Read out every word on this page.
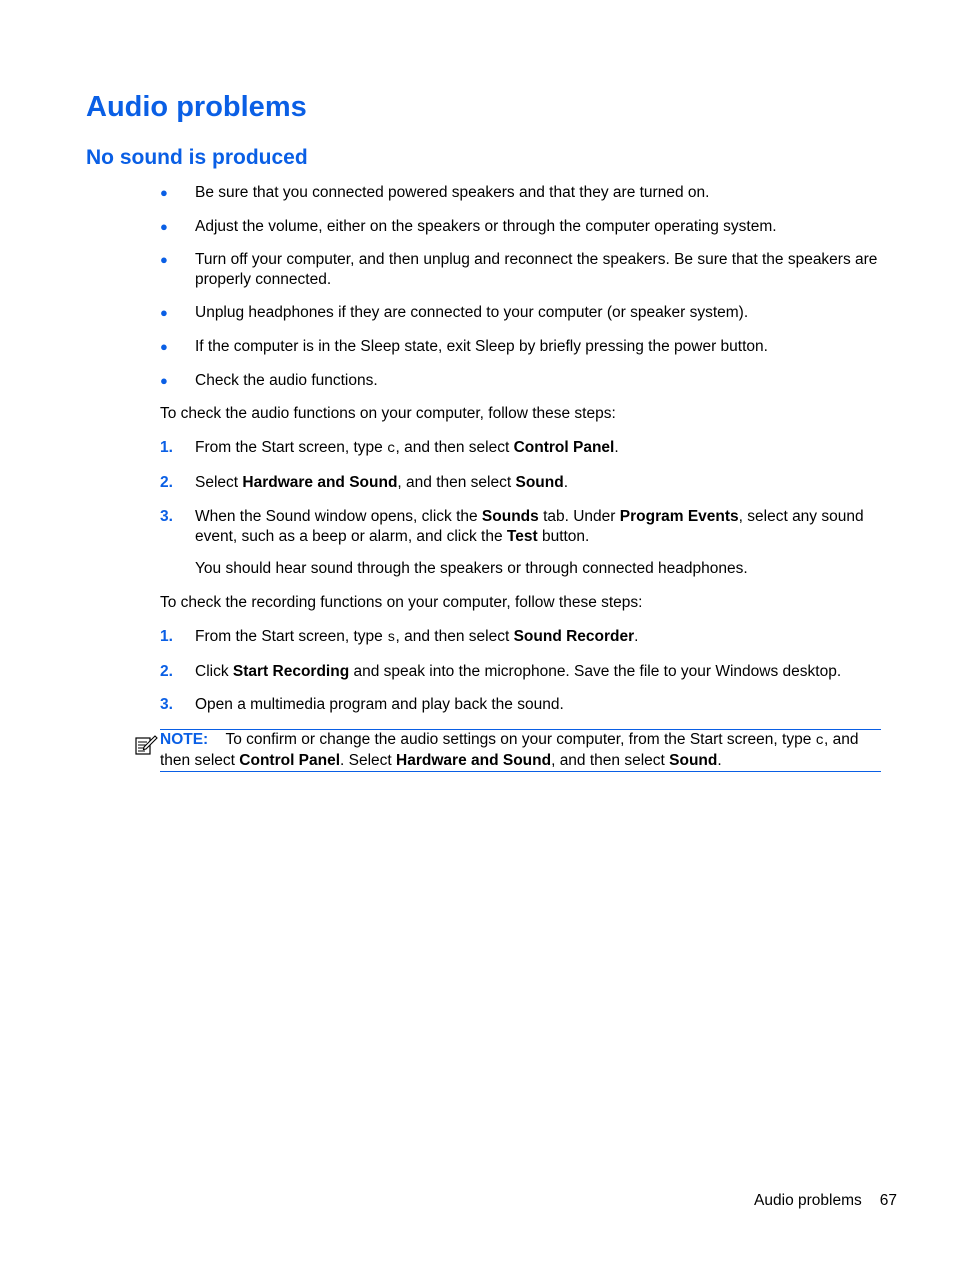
Audio problems
No sound is produced
● Be sure that you connected powered speakers and that they are turned on.
● Adjust the volume, either on the speakers or through the computer operating system.
● Turn off your computer, and then unplug and reconnect the speakers. Be sure that the speakers are properly connected.
● Unplug headphones if they are connected to your computer (or speaker system).
● If the computer is in the Sleep state, exit Sleep by briefly pressing the power button.
● Check the audio functions.
To check the audio functions on your computer, follow these steps:
1. From the Start screen, type c, and then select Control Panel.
2. Select Hardware and Sound, and then select Sound.
3. When the Sound window opens, click the Sounds tab. Under Program Events, select any sound event, such as a beep or alarm, and click the Test button.
You should hear sound through the speakers or through connected headphones.
To check the recording functions on your computer, follow these steps:
1. From the Start screen, type s, and then select Sound Recorder.
2. Click Start Recording and speak into the microphone. Save the file to your Windows desktop.
3. Open a multimedia program and play back the sound.
NOTE: To confirm or change the audio settings on your computer, from the Start screen, type c, and then select Control Panel. Select Hardware and Sound, and then select Sound.
Audio problems 67
